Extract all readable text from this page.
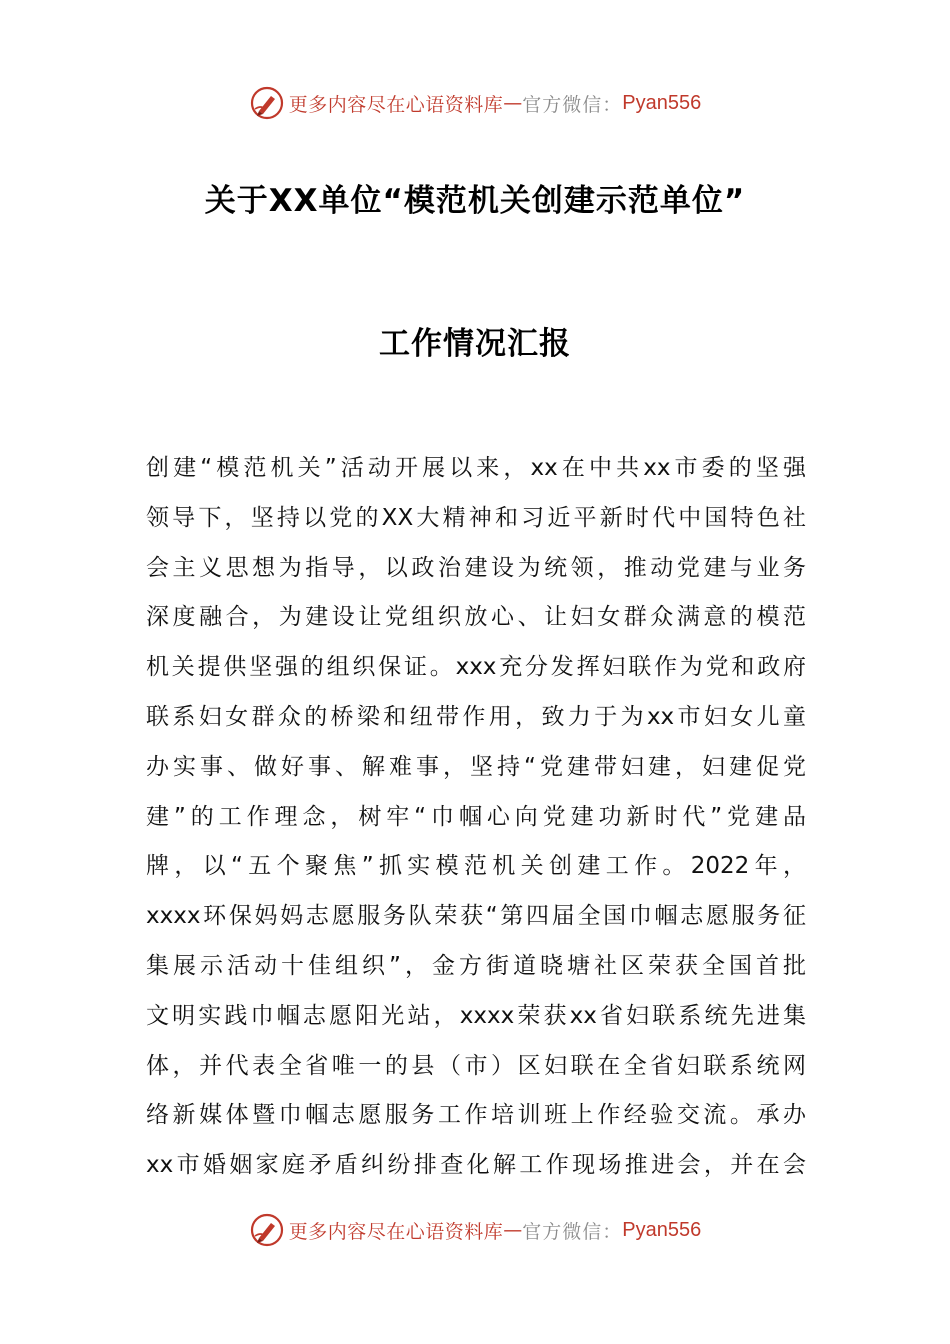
更多内容尽在心语资料库 — 官方微信： Pyan556
关于XX单位“模范机关创建示范单位”
工作情况汇报
创建“模范机关”活动开展以来，xx在中共xx市委的坚强
领导下，坚持以党的XX大精神和习近平新时代中国特色社
会主义思想为指导，以政治建设为统领，推动党建与业务
深度融合，为建设让党组织放心、让妇女群众满意的模范
机关提供坚强的组织保证。xxx充分发挥妇联作为党和政府
联系妇女群众的桥梁和纽带作用，致力于为xx市妇女儿童
办实事、做好事、解难事，坚持“党建带妇建，妇建促党
建”的工作理念，树牢“巾帼心向党建功新时代”党建品
牌，以“五个聚焦”抓实模范机关创建工作。2022年，
xxxx环保妈妈志愿服务队荣获“第四届全国巾帼志愿服务征
集展示活动十佳组织”，金方街道晓塘社区荣获全国首批
文明实践巾帼志愿阳光站，xxxx荣获xx省妇联系统先进集
体，并代表全省唯一的县（市）区妇联在全省妇联系统网
络新媒体暨巾帼志愿服务工作培训班上作经验交流。承办
xx市婚姻家庭矛盾纠纷排查化解工作现场推进会，并在会
更多内容尽在心语资料库 — 官方微信： Pyan556
